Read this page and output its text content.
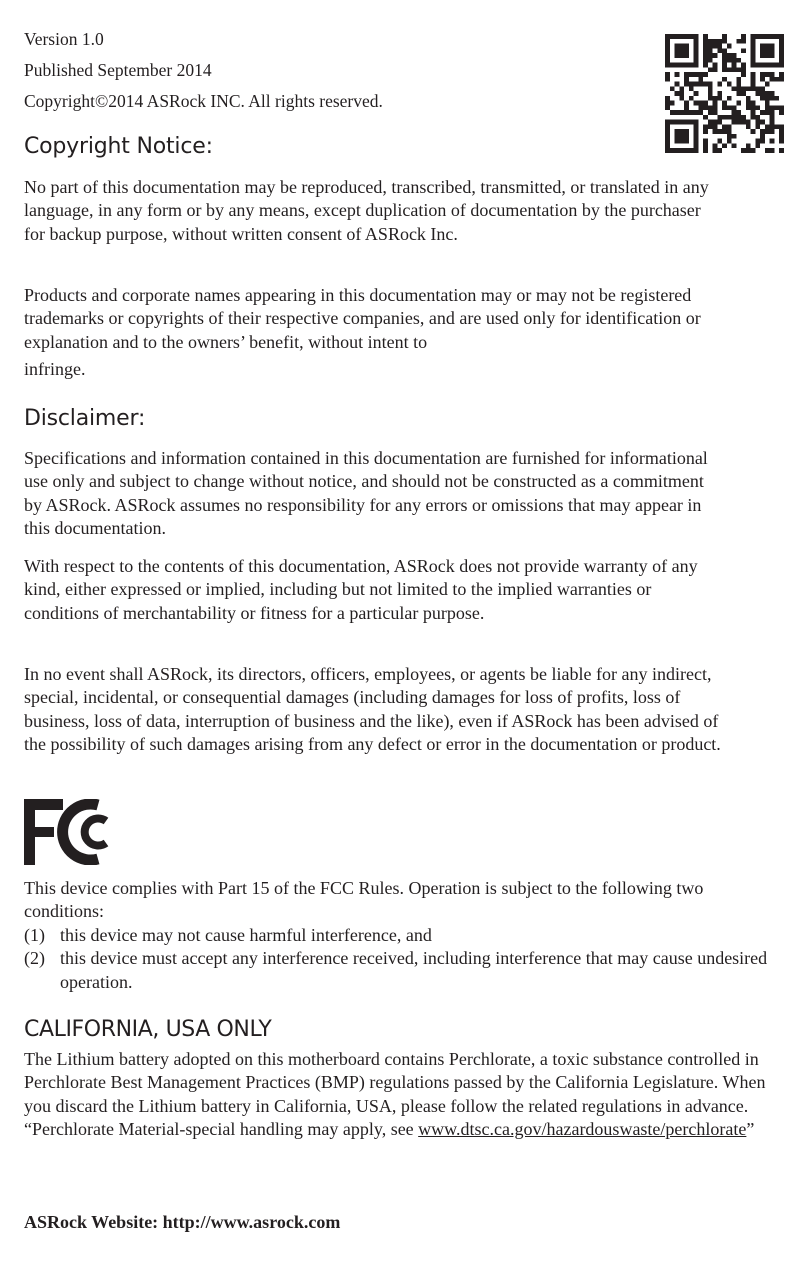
Version 1.0

Published September 2014

Copyright©2014 ASRock INC. All rights reserved.

Copyright Notice:

No part of this documentation may be reproduced, transcribed, transmitted, or translated in any language, in any form or by any means, except duplication of documentation by the purchaser for backup purpose, without written consent of ASRock Inc.

Products and corporate names appearing in this documentation may or may not be registered trademarks or copyrights of their respective companies, and are used only for identification or explanation and to the owners’ benefit, without intent to
infringe.

Disclaimer:

Specifications and information contained in this documentation are furnished for informational use only and subject to change without notice, and should not be constructed as a commitment by ASRock. ASRock assumes no responsibility for any errors or omissions that may appear in this documentation.

With respect to the contents of this documentation, ASRock does not provide warranty of any kind, either expressed or implied, including but not limited to the implied warranties or conditions of merchantability or fitness for a particular purpose.

In no event shall ASRock, its directors, officers, employees, or agents be liable for any indirect, special, incidental, or consequential damages (including damages for loss of profits, loss of business, loss of data, interruption of business and the like), even if ASRock has been advised of the possibility of such damages arising from any defect or error in the documentation or product.

This device complies with Part 15 of the FCC Rules. Operation is subject to the following two conditions:
(1) this device may not cause harmful interference, and
(2) this device must accept any interference received, including interference that may cause undesired operation.

CALIFORNIA, USA ONLY

The Lithium battery adopted on this motherboard contains Perchlorate, a toxic substance controlled in Perchlorate Best Management Practices (BMP) regulations passed by the California Legislature. When you discard the Lithium battery in California, USA, please follow the related regulations in advance.
“Perchlorate Material-special handling may apply, see www.dtsc.ca.gov/hazardouswaste/perchlorate”

ASRock Website: http://www.asrock.com
